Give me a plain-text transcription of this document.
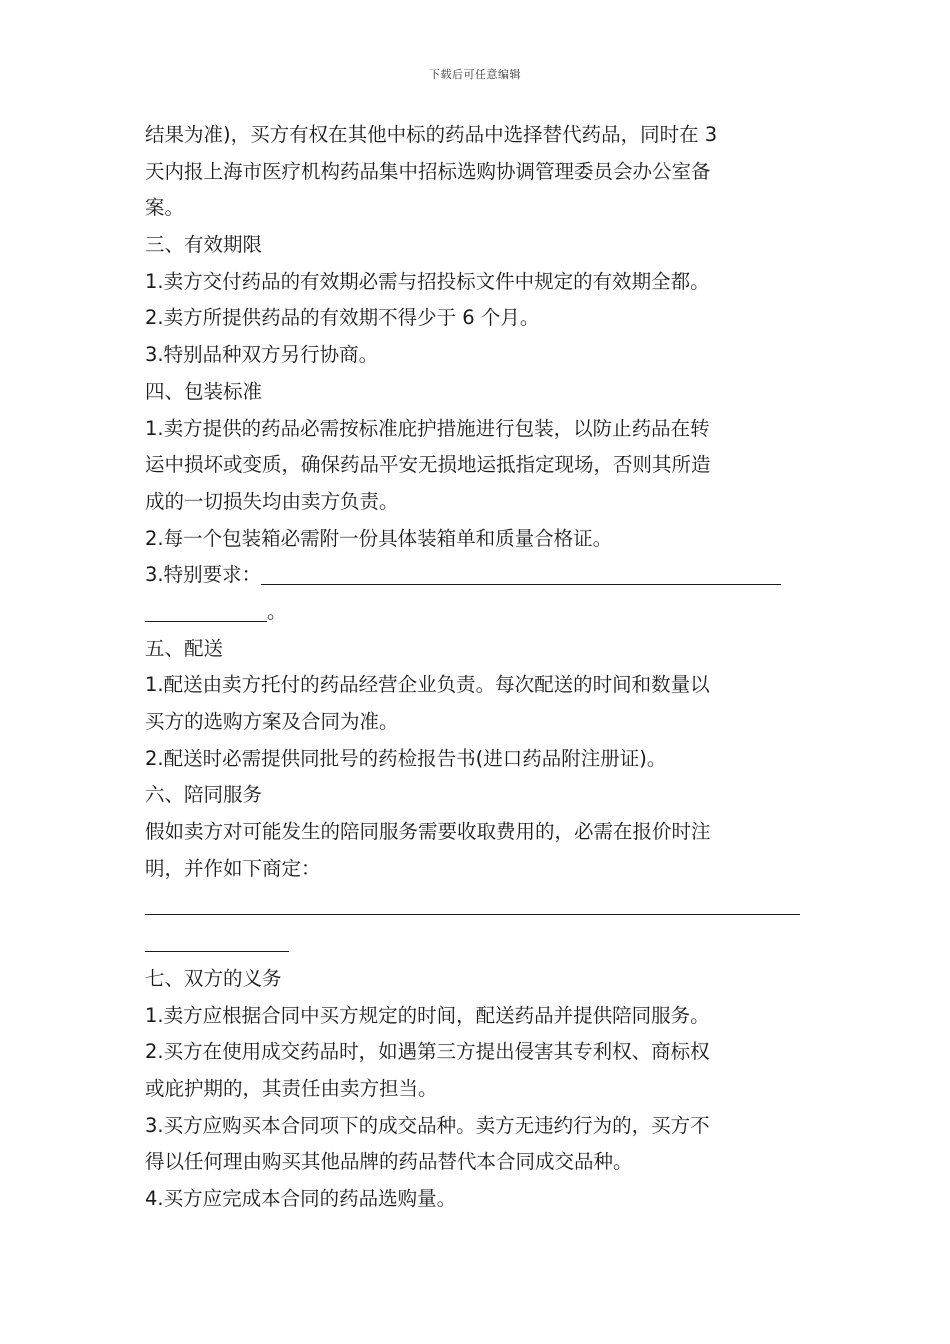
下载后可任意编辑
结果为准)，买方有权在其他中标的药品中选择替代药品，同时在 3
天内报上海市医疗机构药品集中招标选购协调管理委员会办公室备
案。
三、有效期限
1.卖方交付药品的有效期必需与招投标文件中规定的有效期全都。
2.卖方所提供药品的有效期不得少于 6 个月。
3.特别品种双方另行协商。
四、包装标准
1.卖方提供的药品必需按标准庇护措施进行包装，以防止药品在转
运中损坏或变质，确保药品平安无损地运抵指定现场，否则其所造
成的一切损失均由卖方负责。
2.每一个包装箱必需附一份具体装箱单和质量合格证。
3.特别要求：
。
五、配送
1.配送由卖方托付的药品经营企业负责。每次配送的时间和数量以
买方的选购方案及合同为准。
2.配送时必需提供同批号的药检报告书(进口药品附注册证)。
六、陪同服务
假如卖方对可能发生的陪同服务需要收取费用的，必需在报价时注
明，并作如下商定：
七、双方的义务
1.卖方应根据合同中买方规定的时间，配送药品并提供陪同服务。
2.买方在使用成交药品时，如遇第三方提出侵害其专利权、商标权
或庇护期的，其责任由卖方担当。
3.买方应购买本合同项下的成交品种。卖方无违约行为的，买方不
得以任何理由购买其他品牌的药品替代本合同成交品种。
4.买方应完成本合同的药品选购量。
